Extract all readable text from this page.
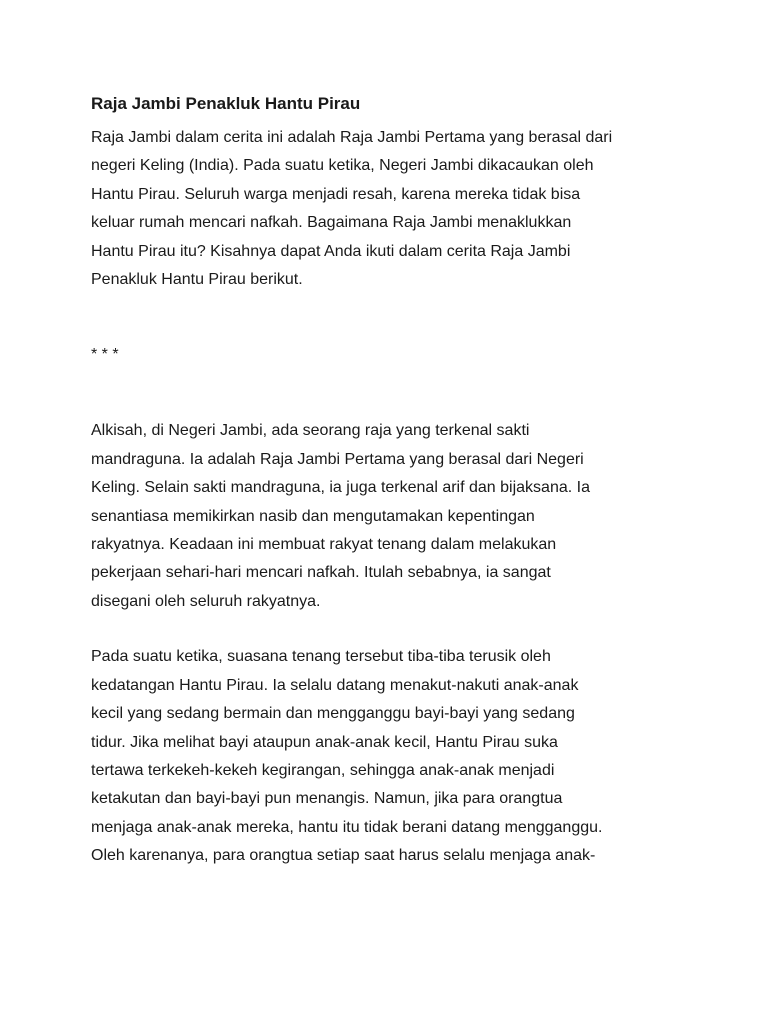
Raja Jambi Penakluk Hantu Pirau

Raja Jambi dalam cerita ini adalah Raja Jambi Pertama yang berasal dari
negeri Keling (India). Pada suatu ketika, Negeri Jambi dikacaukan oleh
Hantu Pirau. Seluruh warga menjadi resah, karena mereka tidak bisa
keluar rumah mencari nafkah. Bagaimana Raja Jambi menaklukkan
Hantu Pirau itu? Kisahnya dapat Anda ikuti dalam cerita Raja Jambi
Penakluk Hantu Pirau berikut.

* * *

Alkisah, di Negeri Jambi, ada seorang raja yang terkenal sakti
mandraguna. Ia adalah Raja Jambi Pertama yang berasal dari Negeri
Keling. Selain sakti mandraguna, ia juga terkenal arif dan bijaksana. Ia
senantiasa memikirkan nasib dan mengutamakan kepentingan
rakyatnya. Keadaan ini membuat rakyat tenang dalam melakukan
pekerjaan sehari-hari mencari nafkah. Itulah sebabnya, ia sangat
disegani oleh seluruh rakyatnya.

Pada suatu ketika, suasana tenang tersebut tiba-tiba terusik oleh
kedatangan Hantu Pirau. Ia selalu datang menakut-nakuti anak-anak
kecil yang sedang bermain dan mengganggu bayi-bayi yang sedang
tidur. Jika melihat bayi ataupun anak-anak kecil, Hantu Pirau suka
tertawa terkekeh-kekeh kegirangan, sehingga anak-anak menjadi
ketakutan dan bayi-bayi pun menangis. Namun, jika para orangtua
menjaga anak-anak mereka, hantu itu tidak berani datang mengganggu.
Oleh karenanya, para orangtua setiap saat harus selalu menjaga anak-
